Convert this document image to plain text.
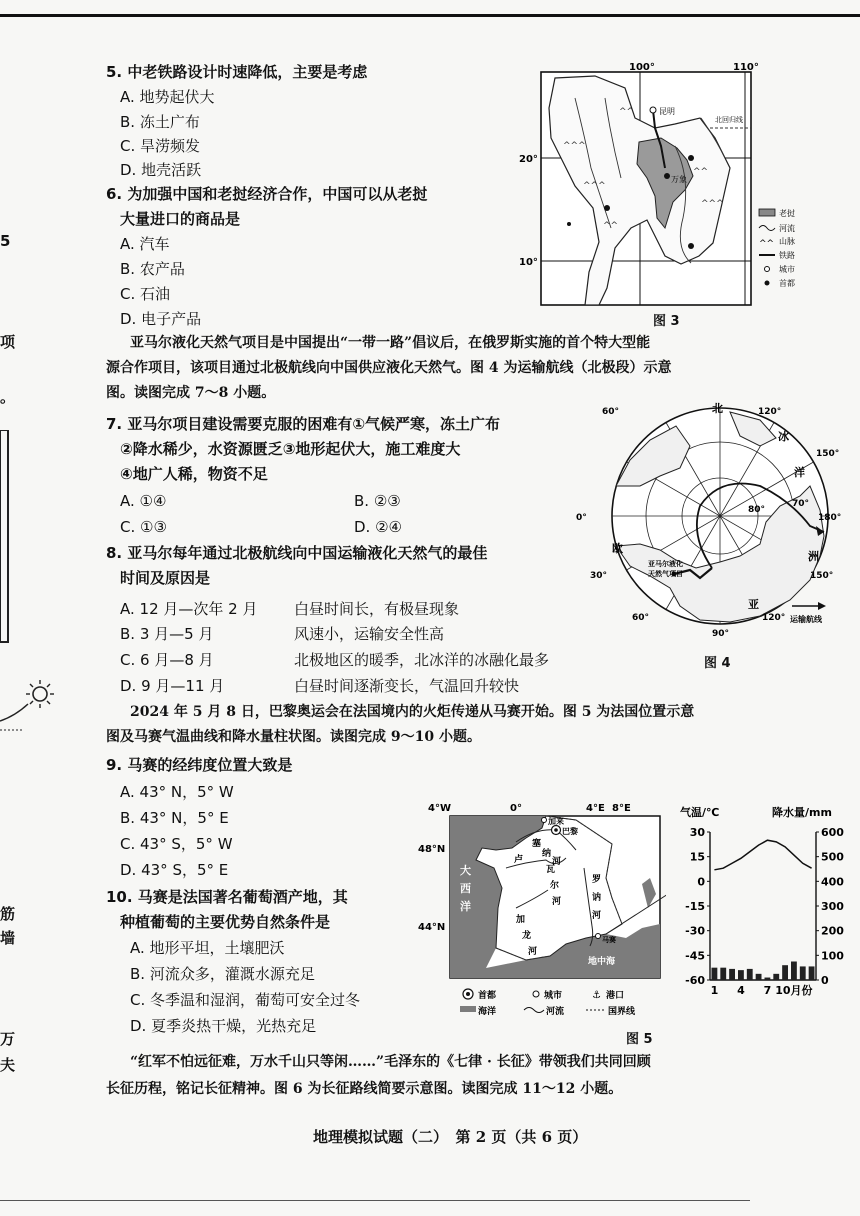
5
项
。
筋
墙
万
夫
5. 中老铁路设计时速降低，主要是考虑
A. 地势起伏大
B. 冻土广布
C. 旱涝频发
D. 地壳活跃
6. 为加强中国和老挝经济合作，中国可以从老挝
大量进口的商品是
A. 汽车
B. 农产品
C. 石油
D. 电子产品
^^^
^^^
^^
^^
^^^
^^
100°	110°
20°
10°
昆明
北回归线
万象
老挝
河流
^^ 山脉
铁路
城市
首都
图 3
亚马尔液化天然气项目是中国提出“一带一路”倡议后，在俄罗斯实施的首个特大型能
源合作项目，该项目通过北极航线向中国供应液化天然气。图 4 为运输航线（北极段）示意
图。读图完成 7～8 小题。
7. 亚马尔项目建设需要克服的困难有①气候严寒，冻土广布
②降水稀少，水资源匮乏③地形起伏大，施工难度大
④地广人稀，物资不足
A. ①④	B. ②③
C. ①③	D. ②④
8. 亚马尔每年通过北极航线向中国运输液化天然气的最佳
时间及原因是
A. 12 月—次年 2 月 白昼时间长，有极昼现象
B. 3 月—5 月	风速小，运输安全性高
C. 6 月—8 月	北极地区的暖季，北冰洋的冰融化最多
D. 9 月—11 月	白昼时间逐渐变长，气温回升较快
60°	120°
150°
0°
80°
70°
180°
30°	150°
60°
90°
120°
北
冰
洋
欧
洲
亚
亚马尔液化
天然气项目
运输航线
图 4
2024 年 5 月 8 日，巴黎奥运会在法国境内的火炬传递从马赛开始。图 5 为法国位置示意
图及马赛气温曲线和降水量柱状图。读图完成 9～10 小题。
9. 马赛的经纬度位置大致是
A. 43° N，5° W
B. 43° N，5° E
C. 43° S，5° W
D. 43° S，5° E
10. 马赛是法国著名葡萄酒产地，其
种植葡萄的主要优势自然条件是
A. 地形平坦，土壤肥沃
B. 河流众多，灌溉水源充足
C. 冬季温和湿润，葡萄可安全过冬
D. 夏季炎热干燥，光热充足
4°W	0°	4°E 8°E
48°N
44°N
加来
巴黎
塞
纳
河
卢
瓦
尔
河
罗
讷
河
加
龙
河
大
西
洋
马赛
地中海
首都	城市	⚓ 港口
海洋	河流	国界线
图 5
气温/℃	降水量/mm
30
15
0
-15
-30
-45
-60
600
500
400
300
200
100
0
1 4 7 10月份
“红军不怕远征难，万水千山只等闲……”毛泽东的《七律 · 长征》带领我们共同回顾
长征历程，铭记长征精神。图 6 为长征路线简要示意图。读图完成 11～12 小题。
地理模拟试题（二）　第 2 页（共 6 页）
